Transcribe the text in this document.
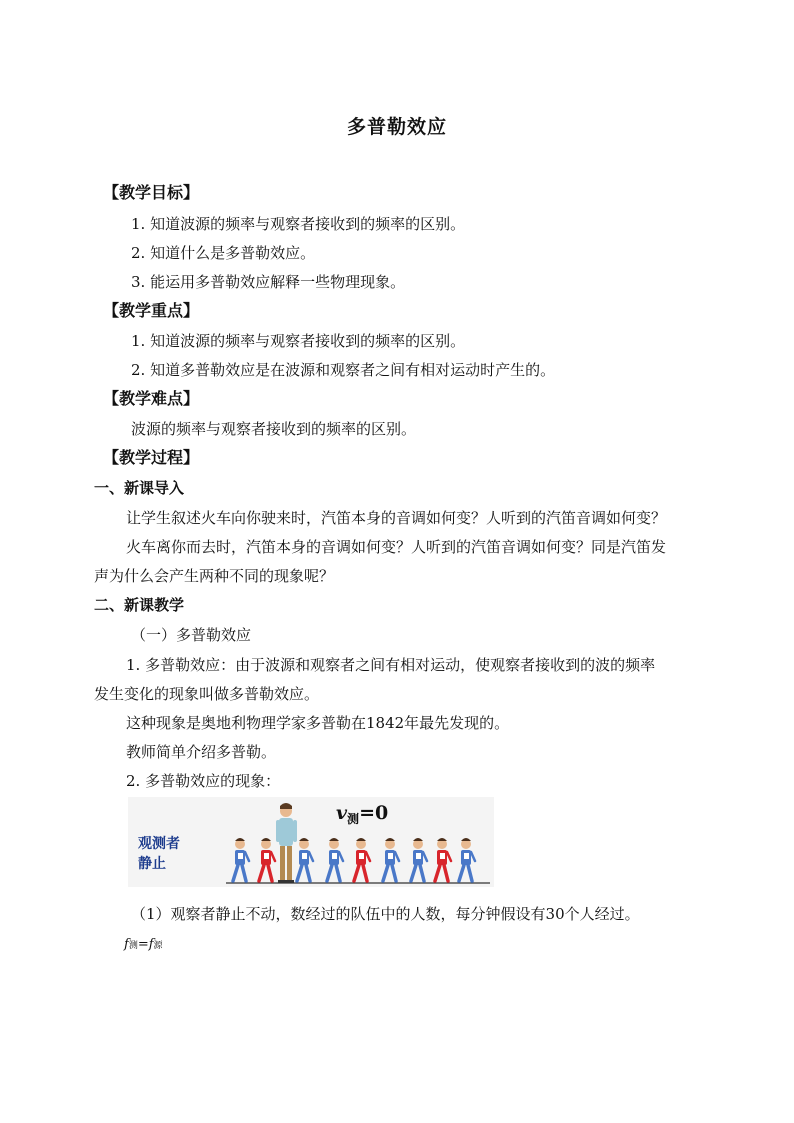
多普勒效应
【教学目标】
1. 知道波源的频率与观察者接收到的频率的区别。
2. 知道什么是多普勒效应。
3. 能运用多普勒效应解释一些物理现象。
【教学重点】
1. 知道波源的频率与观察者接收到的频率的区别。
2. 知道多普勒效应是在波源和观察者之间有相对运动时产生的。
【教学难点】
波源的频率与观察者接收到的频率的区别。
【教学过程】
一、新课导入
让学生叙述火车向你驶来时，汽笛本身的音调如何变？人听到的汽笛音调如何变？
火车离你而去时，汽笛本身的音调如何变？人听到的汽笛音调如何变？同是汽笛发
声为什么会产生两种不同的现象呢？
二、新课教学
（一）多普勒效应
1. 多普勒效应：由于波源和观察者之间有相对运动，使观察者接收到的波的频率
发生变化的现象叫做多普勒效应。
这种现象是奥地利物理学家多普勒在1842年最先发现的。
教师简单介绍多普勒。
2. 多普勒效应的现象：
观测者
静止
$v_测=0$
（1）观察者静止不动，数经过的队伍中的人数，每分钟假设有30个人经过。
f测=f源
